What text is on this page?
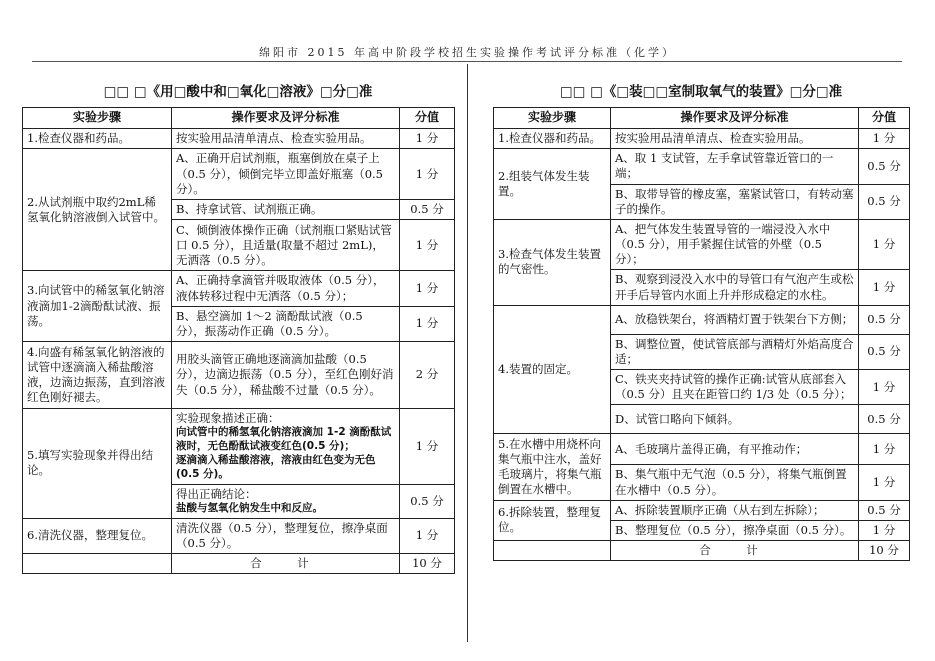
绵阳市 2015 年高中阶段学校招生实验操作考试评分标准（化学）
□□ □《用□酸中和□氧化□溶液》□分□准
实验步骤	操作要求及评分标准	分值
1.检查仪器和药品。	按实验用品清单清点、检查实验用品。	1 分
2.从试剂瓶中取约2mL稀氢氧化钠溶液倒入试管中。	A、正确开启试剂瓶，瓶塞倒放在桌子上（0.5 分），倾倒完毕立即盖好瓶塞（0.5 分）。	1 分
	B、持拿试管、试剂瓶正确。	0.5 分
	C、倾倒液体操作正确（试剂瓶口紧贴试管口 0.5 分），且适量(取量不超过 2mL)，无洒落（0.5 分）。	1 分
3.向试管中的稀氢氧化钠溶液滴加1-2滴酚酞试液、振荡。	A、正确持拿滴管并吸取液体（0.5 分），液体转移过程中无洒落（0.5 分）；	1 分
	B、悬空滴加 1～2 滴酚酞试液（0.5 分），振荡动作正确（0.5 分）。	1 分
4.向盛有稀氢氧化钠溶液的试管中逐滴滴入稀盐酸溶液，边滴边振荡，直到溶液红色刚好褪去。	用胶头滴管正确地逐滴滴加盐酸（0.5 分），边滴边振荡（0.5 分），至红色刚好消失（0.5 分），稀盐酸不过量（0.5 分）。	2 分
5.填写实验现象并得出结论。	实验现象描述正确：
向试管中的稀氢氧化钠溶液滴加 1-2 滴酚酞试液时，无色酚酞试液变红色(0.5 分)；
逐滴滴入稀盐酸溶液，溶液由红色变为无色(0.5 分)。	1 分

	得出正确结论：
盐酸与氢氧化钠发生中和反应。	0.5 分
6.清洗仪器，整理复位。	清洗仪器（0.5 分），整理复位，擦净桌面（0.5 分）。	1 分
	合　计	10 分
□□ □《□装□□室制取氧气的装置》□分□准
实验步骤	操作要求及评分标准	分值
1.检查仪器和药品。	按实验用品清单清点、检查实验用品。	1 分
2.组装气体发生装置。	A、取 1 支试管，左手拿试管靠近管口的一端；	0.5 分
	B、取带导管的橡皮塞，塞紧试管口，有转动塞子的操作。	0.5 分
3.检查气体发生装置的气密性。	A、把气体发生装置导管的一端浸没入水中（0.5 分），用手紧握住试管的外壁（0.5 分）；	1 分
	B、观察到浸没入水中的导管口有气泡产生或松开手后导管内水面上升并形成稳定的水柱。	1 分
4.装置的固定。	A、放稳铁架台，将酒精灯置于铁架台下方侧；	0.5 分
	B、调整位置，使试管底部与酒精灯外焰高度合适；	0.5 分
	C、铁夹夹持试管的操作正确:试管从底部套入（0.5 分）且夹在距管口约 1/3 处（0.5 分）；	1 分
	D、试管口略向下倾斜。	0.5 分
5.在水槽中用烧杯向集气瓶中注水，盖好毛玻璃片，将集气瓶倒置在水槽中。	A、毛玻璃片盖得正确，有平推动作；	1 分
	B、集气瓶中无气泡（0.5 分），将集气瓶倒置在水槽中（0.5 分）。	1 分
6.拆除装置，整理复位。	A、拆除装置顺序正确（从右到左拆除）；	0.5 分
	B、整理复位（0.5 分），擦净桌面（0.5 分）。	1 分
	合　计	10 分
